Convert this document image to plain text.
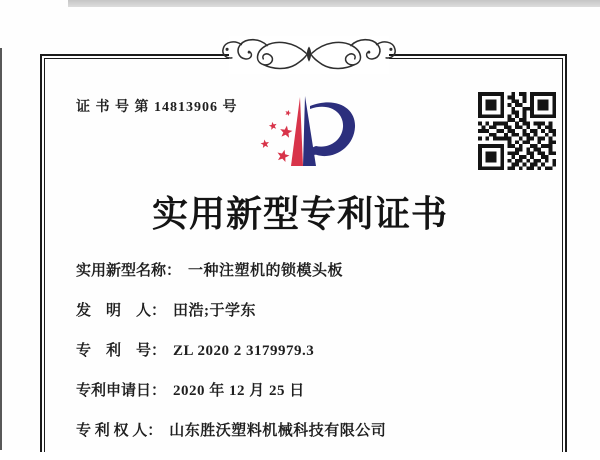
证 书 号 第 14813906 号
实用新型专利证书
实用新型名称： 一种注塑机的锁模头板
发　明　人： 田浩;于学东
专　利　号： ZL 2020 2 3179979.3
专利申请日： 2020 年 12 月 25 日
专 利 权 人： 山东胜沃塑料机械科技有限公司
